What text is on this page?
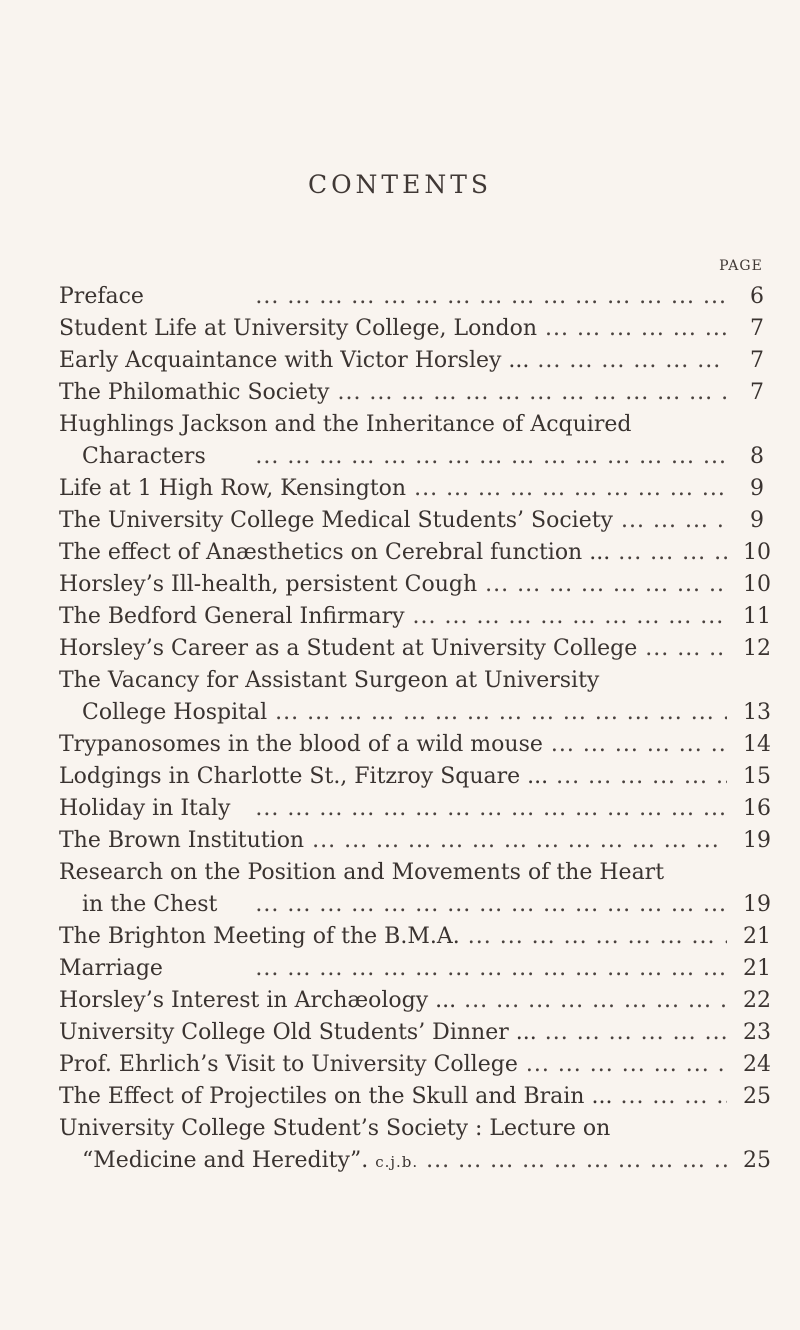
CONTENTS
PAGE
Preface ... .	6
Student Life at University College, London ... .	7
Early Acquaintance with Victor Horsley ... ... .	7
The Philomathic Society ... .	7
Hughlings Jackson and the Inheritance of Acquired
Characters ... .	8
Life at 1 High Row, Kensington ... .	9
The University College Medical Students’ Society ... .	9
The effect of Anæsthetics on Cerebral function ... ... .	10
Horsley’s Ill-health, persistent Cough ... .	10
The Bedford General Infirmary ... .	11
Horsley’s Career as a Student at University College ... .	12
The Vacancy for Assistant Surgeon at University
College Hospital ... .	13
Trypanosomes in the blood of a wild mouse ... .	14
Lodgings in Charlotte St., Fitzroy Square ... ... .	15
Holiday in Italy ... .	16
The Brown Institution ... .	19
Research on the Position and Movements of the Heart
in the Chest ... .	19
The Brighton Meeting of the B.M.A. ... .	21
Marriage ... .	21
Horsley’s Interest in Archæology ... ... .	22
University College Old Students’ Dinner ... ... .	23
Prof. Ehrlich’s Visit to University College ... .	24
The Effect of Projectiles on the Skull and Brain ... ... .	25
University College Student’s Society : Lecture on
“Medicine and Heredity”. c.j.b. ... .	25
